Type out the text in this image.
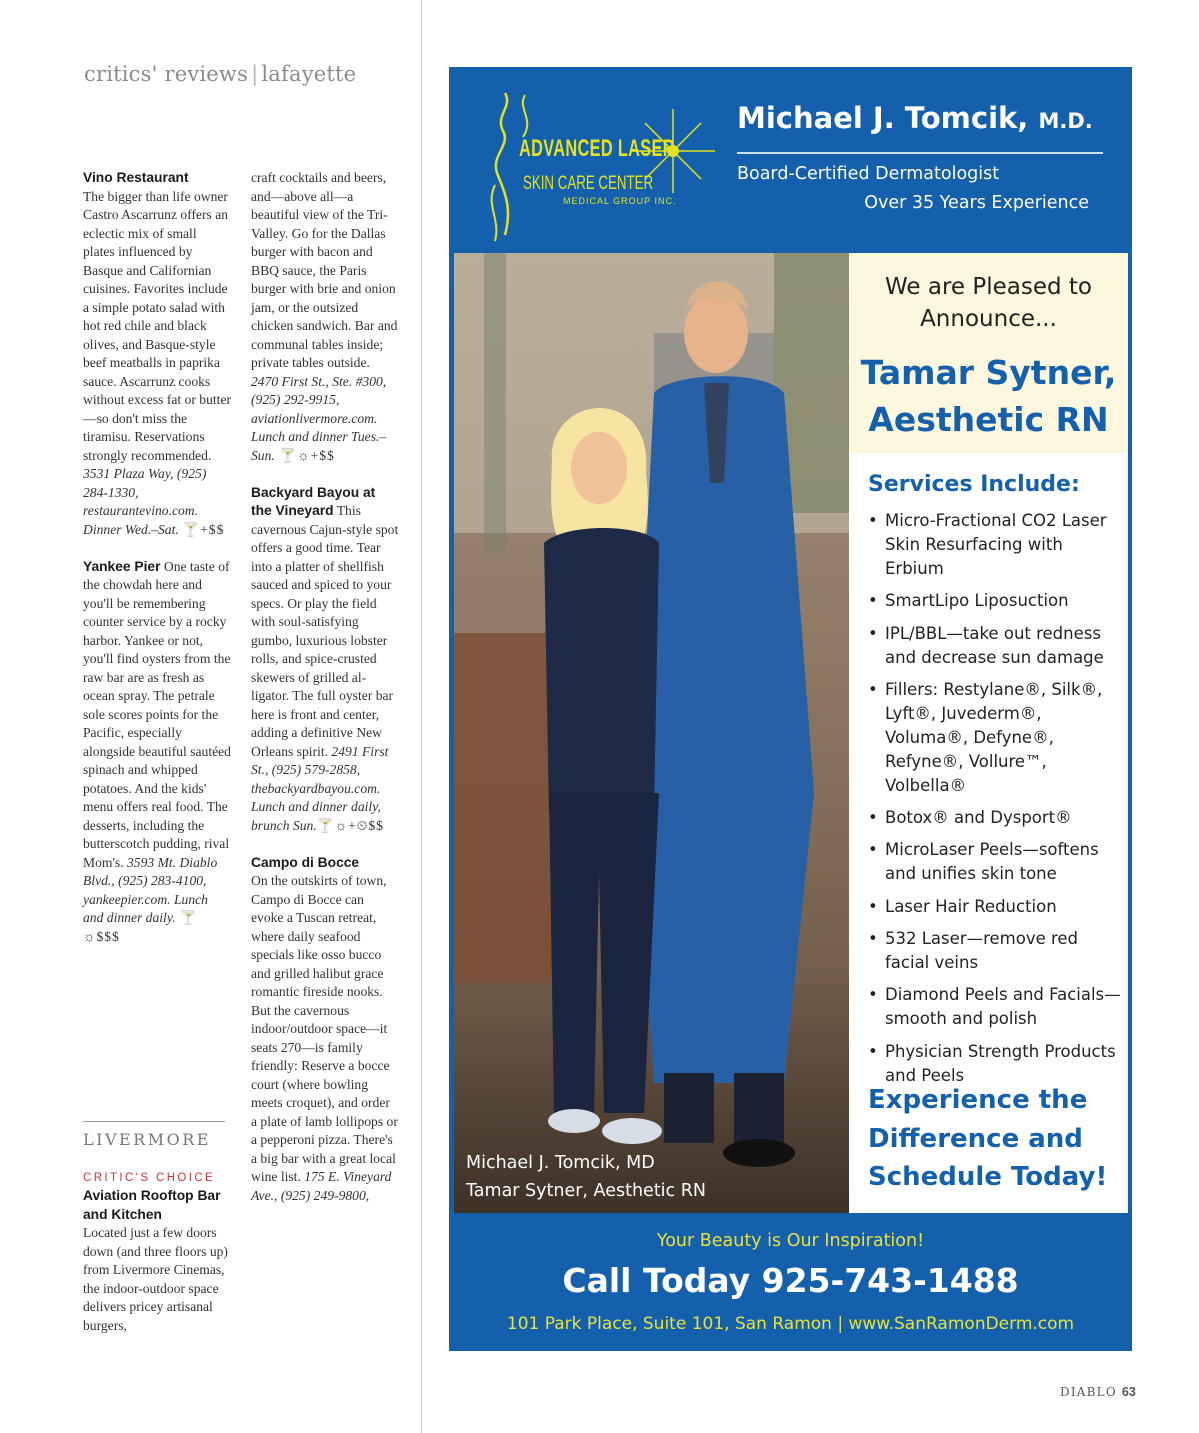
critics' reviews | lafayette

Vino Restaurant
The bigger than life owner Castro Ascarrunz offers an eclectic mix of small plates influenced by Basque and Californian cuisines. Favorites include a simple potato salad with hot red chile and black olives, and Basque-style beef meatballs in paprika sauce. Ascarrunz cooks without excess fat or butter—so don't miss the tiramisu. Reservations strongly recommended. 3531 Plaza Way, (925) 284-1330, restaurantevino.com. Dinner Wed.–Sat. 🍸+$$

Yankee Pier One taste of the chowdah here and you'll be remembering counter service by a rocky harbor. Yankee or not, you'll find oysters from the raw bar are as fresh as ocean spray. The petrale sole scores points for the Pacific, especially alongside beautiful sautéed spinach and whipped potatoes. And the kids' menu offers real food. The desserts, including the butterscotch pudding, rival Mom's. 3593 Mt. Diablo Blvd., (925) 283-4100, yankeepier.com. Lunch and dinner daily. 🍸☼$$$

LIVERMORE
CRITIC'S CHOICE
Aviation Rooftop Bar and Kitchen
Located just a few doors down (and three floors up) from Livermore Cinemas, the indoor-outdoor space delivers pricey artisanal burgers,

craft cocktails and beers, and—above all—a beautiful view of the Tri-Valley. Go for the Dallas burger with bacon and BBQ sauce, the Paris burger with brie and onion jam, or the outsized chicken sandwich. Bar and communal tables inside; private tables outside. 2470 First St., Ste. #300, (925) 292-9915, aviationlivermore.com. Lunch and dinner Tues.–Sun. 🍸☼+$$

Backyard Bayou at the Vineyard This cavernous Cajun-style spot offers a good time. Tear into a platter of shellfish sauced and spiced to your specs. Or play the field with soul-satisfying gumbo, luxurious lobster rolls, and spice-crusted skewers of grilled al-ligator. The full oyster bar here is front and center, adding a definitive New Orleans spirit. 2491 First St., (925) 579-2858, thebackyardbayou.com. Lunch and dinner daily, brunch Sun.🍸☼+⏲$$

Campo di Bocce
On the outskirts of town, Campo di Bocce can evoke a Tuscan retreat, where daily seafood specials like osso bucco and grilled halibut grace romantic fireside nooks. But the cavernous indoor/outdoor space—it seats 270—is family friendly: Reserve a bocce court (where bowling meets croquet), and order a plate of lamb lollipops or a pepperoni pizza. There's a big bar with a great local wine list. 175 E. Vineyard Ave., (925) 249-9800,

ADVANCED LASER
SKIN CARE CENTER
MEDICAL GROUP INC.
Michael J. Tomcik, M.D.
Board-Certified Dermatologist
Over 35 Years Experience
Michael J. Tomcik, MD
Tamar Sytner, Aesthetic RN
We are Pleased to Announce...
Tamar Sytner, Aesthetic RN
Services Include:
• Micro-Fractional CO2 Laser Skin Resurfacing with Erbium
• SmartLipo Liposuction
• IPL/BBL—take out redness and decrease sun damage
• Fillers: Restylane®, Silk®, Lyft®, Juvederm®, Voluma®, Defyne®, Refyne®, Vollure™, Volbella®
• Botox® and Dysport®
• MicroLaser Peels—softens and unifies skin tone
• Laser Hair Reduction
• 532 Laser—remove red facial veins
• Diamond Peels and Facials—smooth and polish
• Physician Strength Products and Peels
Experience the Difference and Schedule Today!
Your Beauty is Our Inspiration!
Call Today 925-743-1488
101 Park Place, Suite 101, San Ramon | www.SanRamonDerm.com
DIABLO 63
